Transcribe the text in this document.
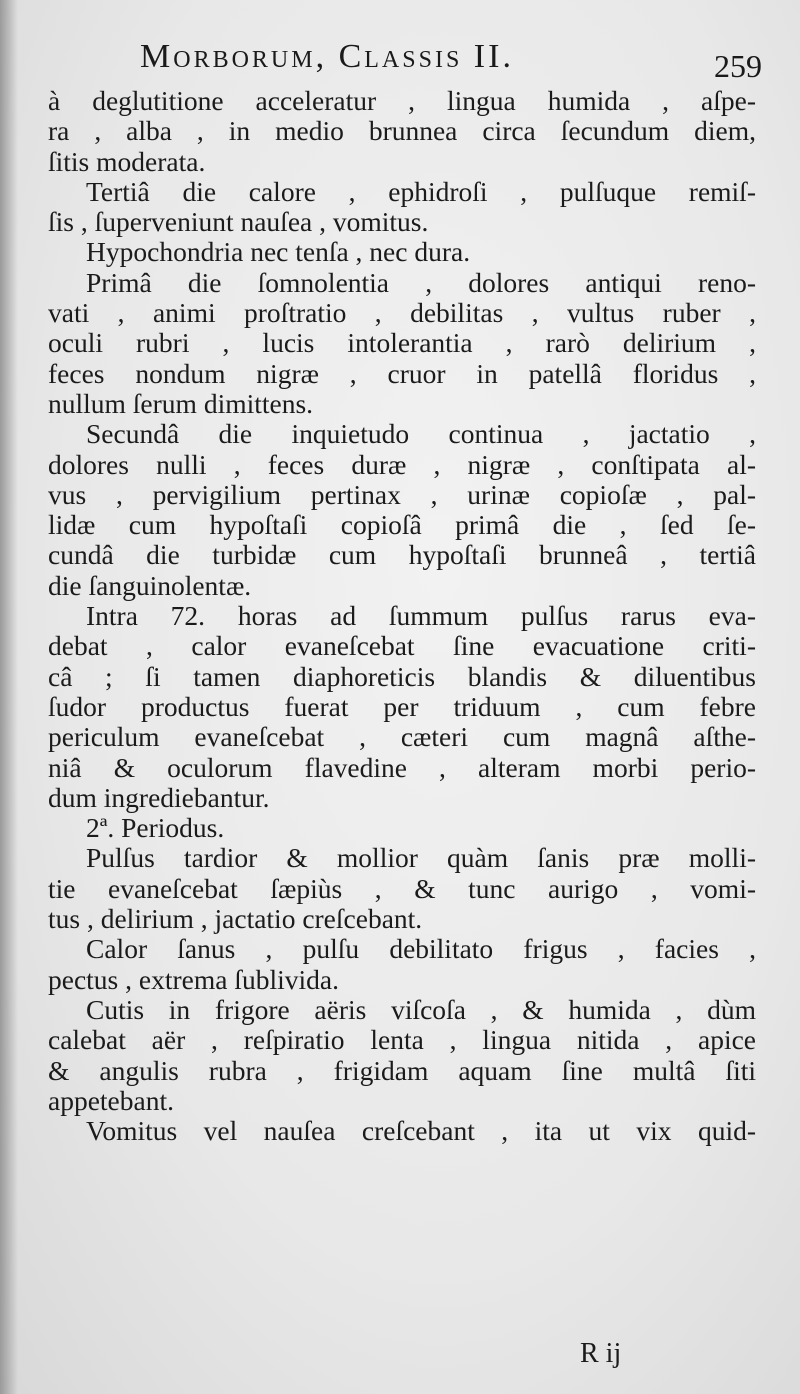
Morborum, Classis II.	259
à deglutitione acceleratur , lingua humida , aſpe-
ra , alba , in medio brunnea circa ſecundum diem,
ſitis moderata.
Tertiâ die calore , ephidroſi , pulſuque remiſ-
ſis , ſuperveniunt nauſea , vomitus.
Hypochondria nec tenſa , nec dura.
Primâ die ſomnolentia , dolores antiqui reno-
vati , animi proſtratio , debilitas , vultus ruber ,
oculi rubri , lucis intolerantia , rarò delirium ,
feces nondum nigræ , cruor in patellâ floridus ,
nullum ſerum dimittens.
Secundâ die inquietudo continua , jactatio ,
dolores nulli , feces duræ , nigræ , conſtipata al-
vus , pervigilium pertinax , urinæ copioſæ , pal-
lidæ cum hypoſtaſi copioſâ primâ die , ſed ſe-
cundâ die turbidæ cum hypoſtaſi brunneâ , tertiâ
die ſanguinolentæ.
Intra 72. horas ad ſummum pulſus rarus eva-
debat , calor evaneſcebat ſine evacuatione criti-
câ ; ſi tamen diaphoreticis blandis & diluentibus
ſudor productus fuerat per triduum , cum febre
periculum evaneſcebat , cæteri cum magnâ aſthe-
niâ & oculorum flavedine , alteram morbi perio-
dum ingrediebantur.
2ª. Periodus.
Pulſus tardior & mollior quàm ſanis præ molli-
tie evaneſcebat ſæpiùs , & tunc aurigo , vomi-
tus , delirium , jactatio creſcebant.
Calor ſanus , pulſu debilitato frigus , facies ,
pectus , extrema ſublivida.
Cutis in frigore aëris viſcoſa , & humida , dùm
calebat aër , reſpiratio lenta , lingua nitida , apice
& angulis rubra , frigidam aquam ſine multâ ſiti
appetebant.
Vomitus vel nauſea creſcebant , ita ut vix quid-
R ij
